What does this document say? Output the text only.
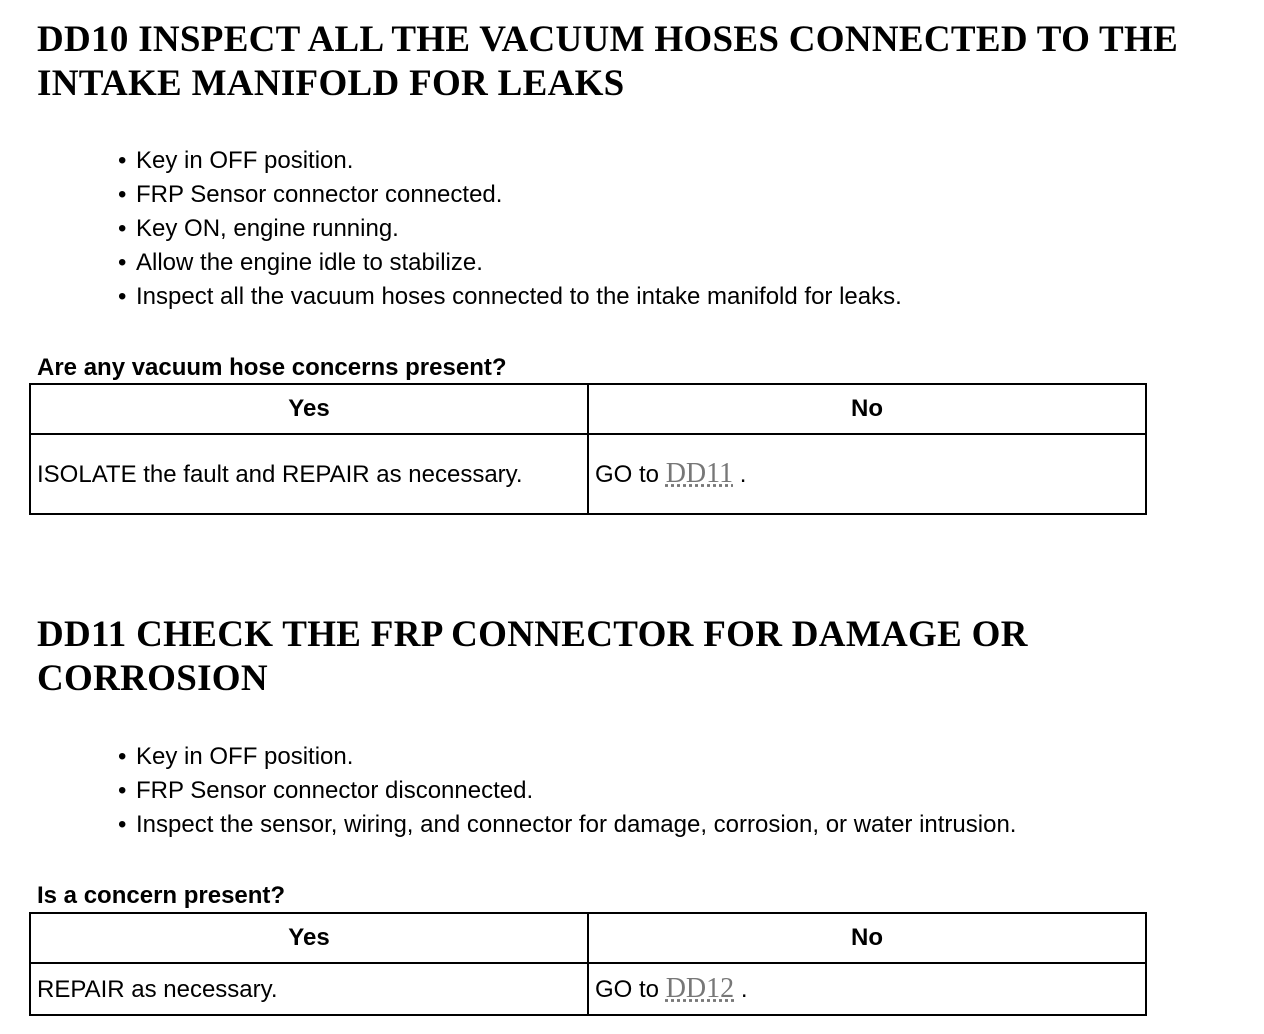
DD10 INSPECT ALL THE VACUUM HOSES CONNECTED TO THE
INTAKE MANIFOLD FOR LEAKS
• Key in OFF position.
• FRP Sensor connector connected.
• Key ON, engine running.
• Allow the engine idle to stabilize.
• Inspect all the vacuum hoses connected to the intake manifold for leaks.

Are any vacuum hose concerns present?

Yes	No
ISOLATE the fault and REPAIR as necessary.	GO to DD11 .
DD11 CHECK THE FRP CONNECTOR FOR DAMAGE OR
CORROSION
• Key in OFF position.
• FRP Sensor connector disconnected.
• Inspect the sensor, wiring, and connector for damage, corrosion, or water intrusion.

Is a concern present?

Yes	No
REPAIR as necessary.	GO to DD12 .
